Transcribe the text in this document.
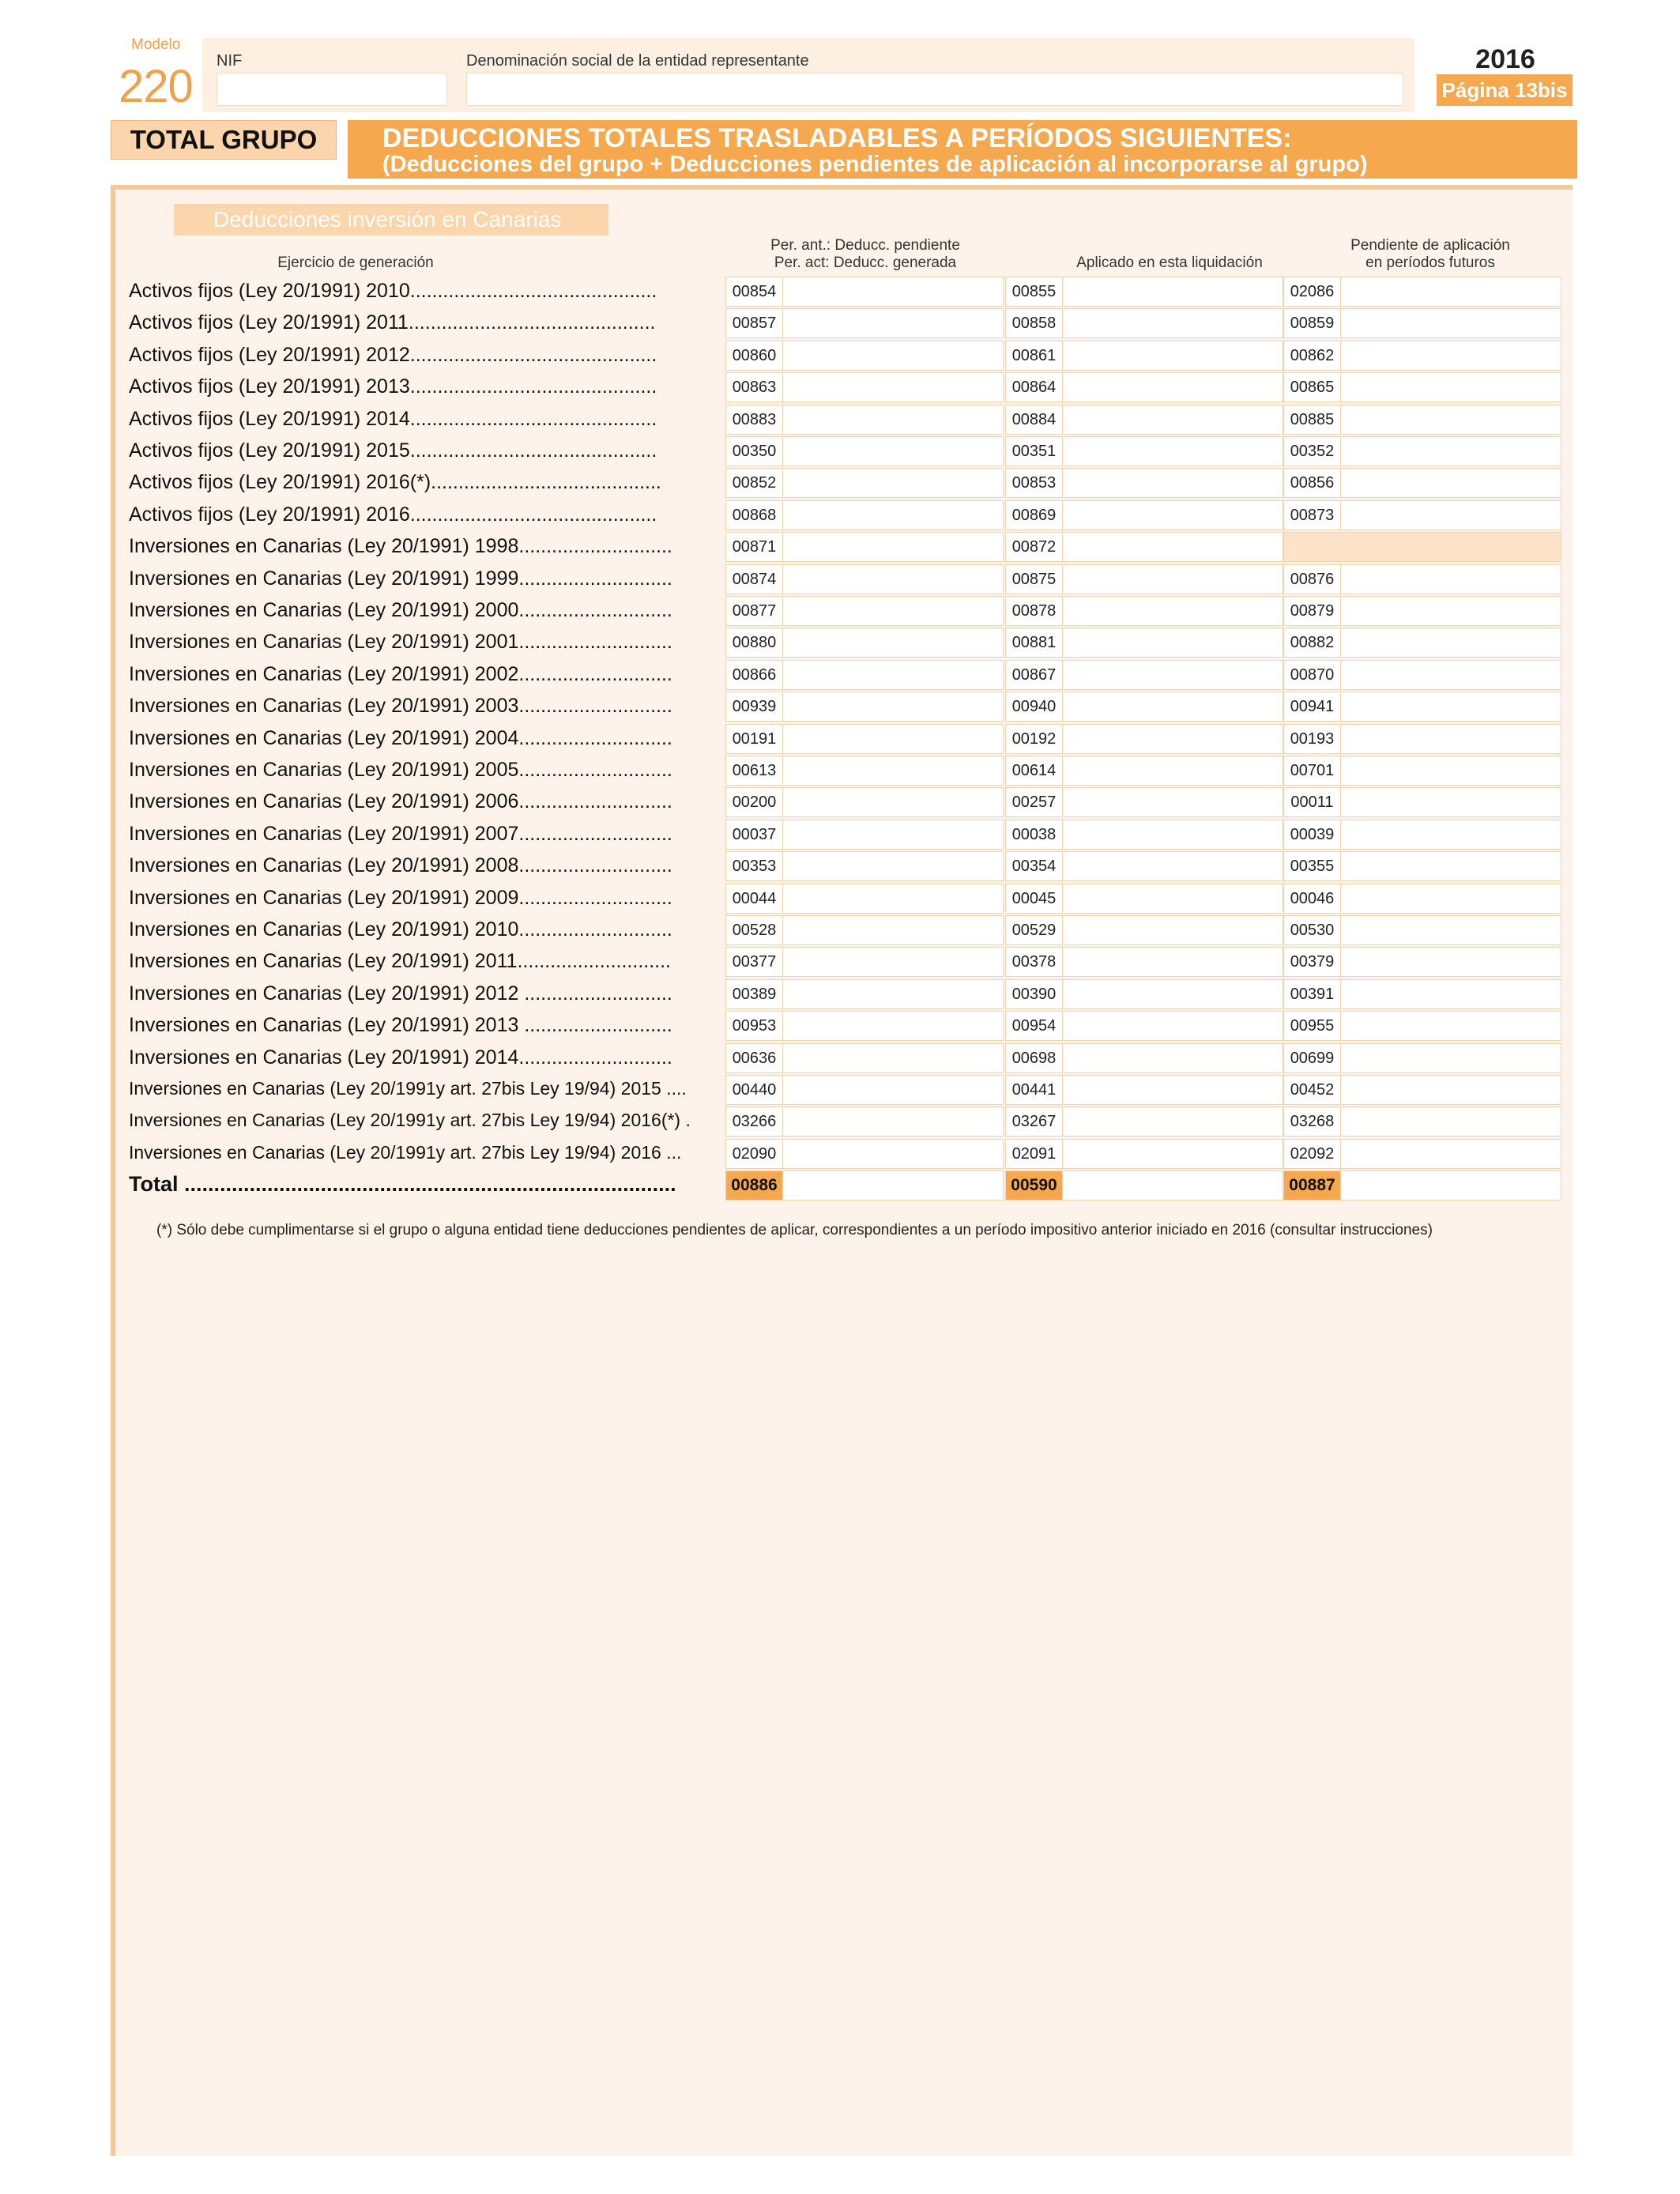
Modelo
220 NIF	Denominación social de la entidad representante	2016
Página 13bis
TOTAL GRUPO	DEDUCCIONES TOTALES TRASLADABLES A PERÍODOS SIGUIENTES:
(Deducciones del grupo + Deducciones pendientes de aplicación al incorporarse al grupo)
Deducciones inversión en Canarias
Ejercicio de generación
Per. ant.: Deducc. pendiente
Per. act: Deducc. generada	Aplicado en esta liquidación
Pendiente de aplicación
en períodos futuros
Activos fijos (Ley 20/1991) 2010.............................................	00854	00855	02086
Activos fijos (Ley 20/1991) 2011.............................................	00857	00858	00859
Activos fijos (Ley 20/1991) 2012.............................................	00860	00861	00862
Activos fijos (Ley 20/1991) 2013.............................................	00863	00864	00865
Activos fijos (Ley 20/1991) 2014.............................................	00883	00884	00885
Activos fijos (Ley 20/1991) 2015.............................................	00350	00351	00352
Activos fijos (Ley 20/1991) 2016(*)..........................................	00852	00853	00856
Activos fijos (Ley 20/1991) 2016.............................................	00868	00869	00873
Inversiones en Canarias (Ley 20/1991) 1998............................	00871	00872
Inversiones en Canarias (Ley 20/1991) 1999............................	00874	00875	00876
Inversiones en Canarias (Ley 20/1991) 2000............................	00877	00878	00879
Inversiones en Canarias (Ley 20/1991) 2001............................	00880	00881	00882
Inversiones en Canarias (Ley 20/1991) 2002............................	00866	00867	00870
Inversiones en Canarias (Ley 20/1991) 2003............................	00939	00940	00941
Inversiones en Canarias (Ley 20/1991) 2004............................	00191	00192	00193
Inversiones en Canarias (Ley 20/1991) 2005............................	00613	00614	00701
Inversiones en Canarias (Ley 20/1991) 2006............................	00200	00257	00011
Inversiones en Canarias (Ley 20/1991) 2007............................	00037	00038	00039
Inversiones en Canarias (Ley 20/1991) 2008............................	00353	00354	00355
Inversiones en Canarias (Ley 20/1991) 2009............................	00044	00045	00046
Inversiones en Canarias (Ley 20/1991) 2010............................	00528	00529	00530
Inversiones en Canarias (Ley 20/1991) 2011............................	00377	00378	00379
Inversiones en Canarias (Ley 20/1991) 2012 ...........................	00389	00390	00391
Inversiones en Canarias (Ley 20/1991) 2013 ...........................	00953	00954	00955
Inversiones en Canarias (Ley 20/1991) 2014............................	00636	00698	00699
Inversiones en Canarias (Ley 20/1991y art. 27bis Ley 19/94) 2015 ....	00440	00441	00452
Inversiones en Canarias (Ley 20/1991y art. 27bis Ley 19/94) 2016(*) .	03266	03267	03268
Inversiones en Canarias (Ley 20/1991y art. 27bis Ley 19/94) 2016 ...	02090	02091	02092
Total ...................................................................................	00886	00590	00887
(*) Sólo debe cumplimentarse si el grupo o alguna entidad tiene deducciones pendientes de aplicar, correspondientes a un período impositivo anterior iniciado en 2016 (consultar instrucciones)
